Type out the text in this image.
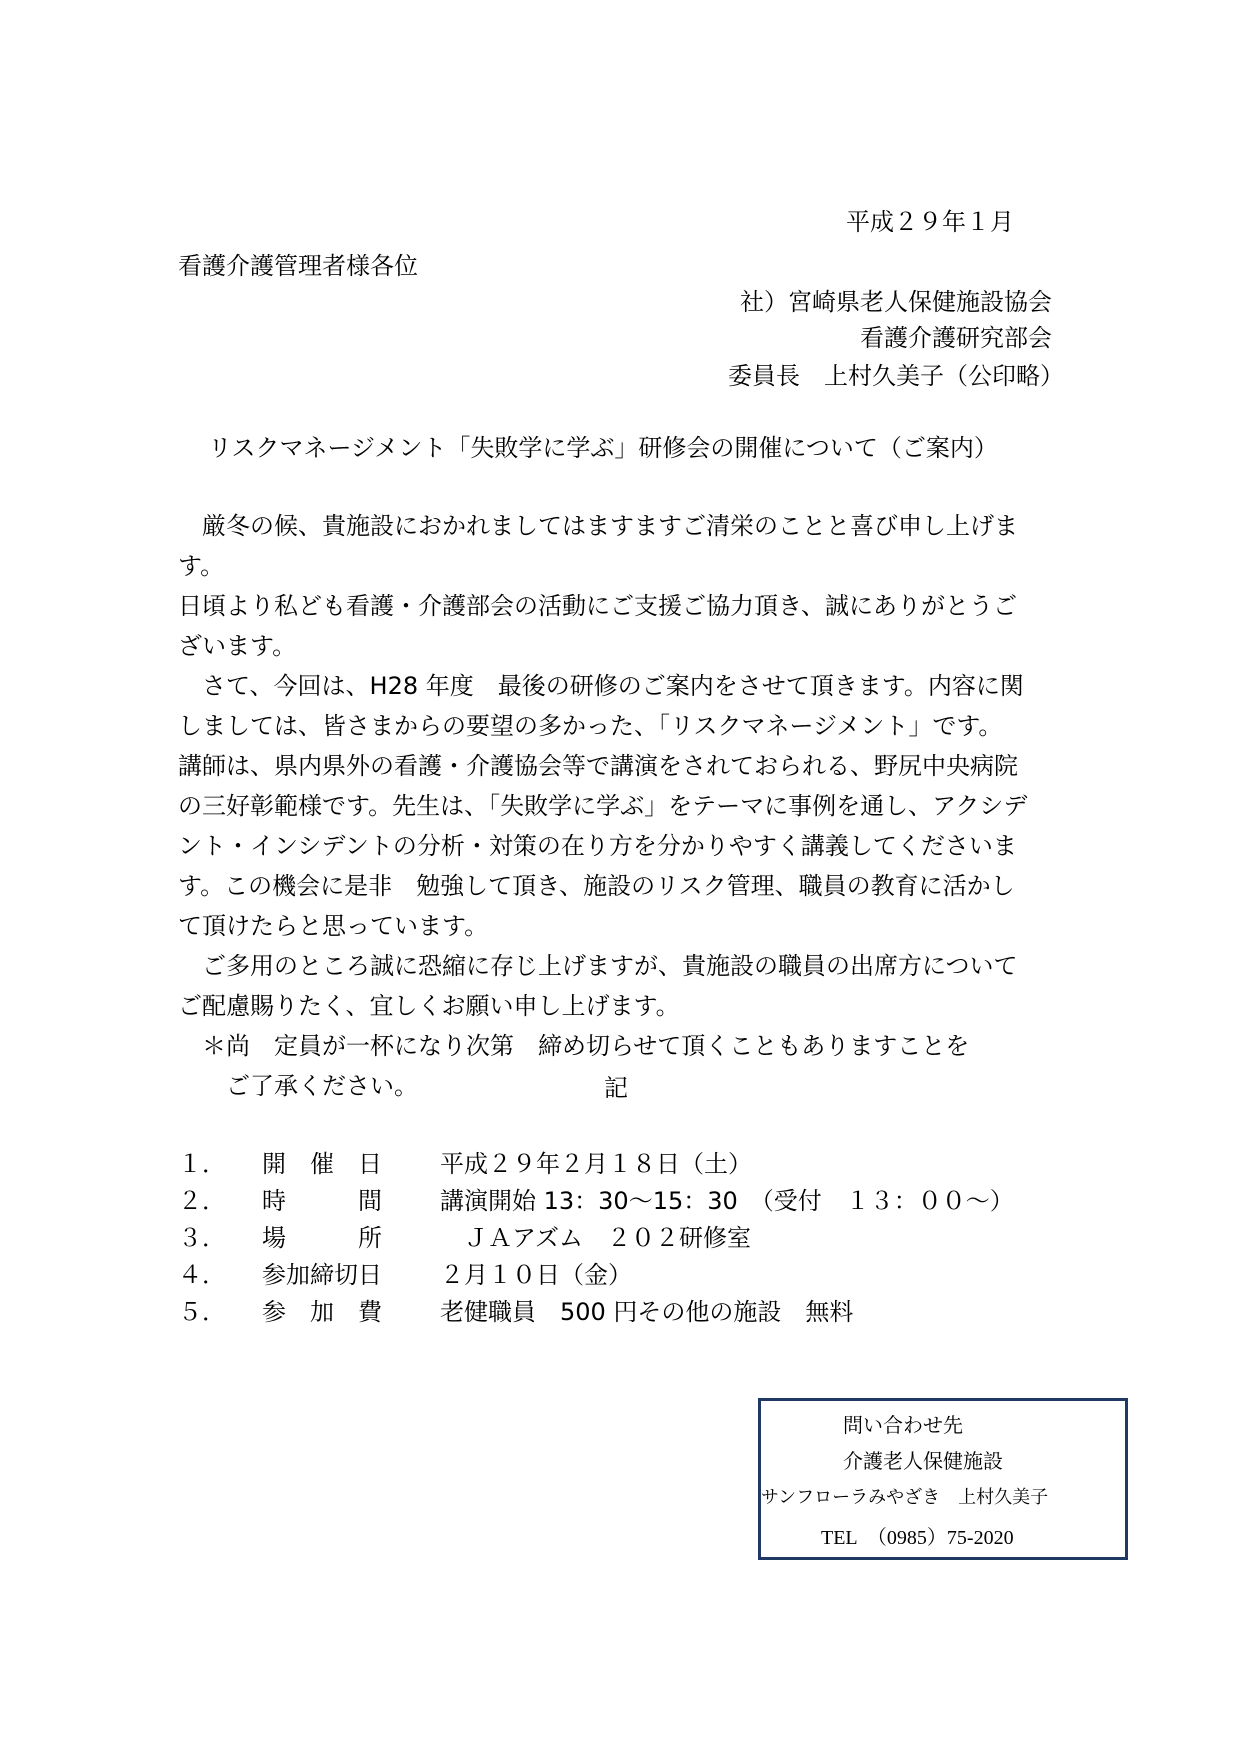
平成２９年１月
看護介護管理者様各位
社）宮崎県老人保健施設協会
看護介護研究部会
委員長　上村久美子（公印略）
リスクマネージメント「失敗学に学ぶ」研修会の開催について（ご案内）
　厳冬の候、貴施設におかれましてはますますご清栄のことと喜び申し上げま
す。
日頃より私ども看護・介護部会の活動にご支援ご協力頂き、誠にありがとうご
ざいます。
　さて、今回は、H28 年度　最後の研修のご案内をさせて頂きます。内容に関
しましては、皆さまからの要望の多かった、「リスクマネージメント」です。
講師は、県内県外の看護・介護協会等で講演をされておられる、野尻中央病院
の三好彰範様です。先生は、「失敗学に学ぶ」をテーマに事例を通し、アクシデ
ント・インシデントの分析・対策の在り方を分かりやすく講義してくださいま
す。この機会に是非　勉強して頂き、施設のリスク管理、職員の教育に活かし
て頂けたらと思っています。
　ご多用のところ誠に恐縮に存じ上げますが、貴施設の職員の出席方について
ご配慮賜りたく、宜しくお願い申し上げます。
　＊尚　定員が一杯になり次第　締め切らせて頂くこともありますことを
　　ご了承ください。	記
１． 開　催　日 平成２９年２月１８日（土）
２． 時　　　間 講演開始 13：30～15：30　（受付　１３：００～）
３． 場　　　所 　ＪＡアズム　２０２研修室
４． 参加締切日 ２月１０日（金）
５． 参　加　費 老健職員　500 円その他の施設　無料
問い合わせ先
介護老人保健施設
サンフローラみやざき　上村久美子
TEL　（0985）75-2020
